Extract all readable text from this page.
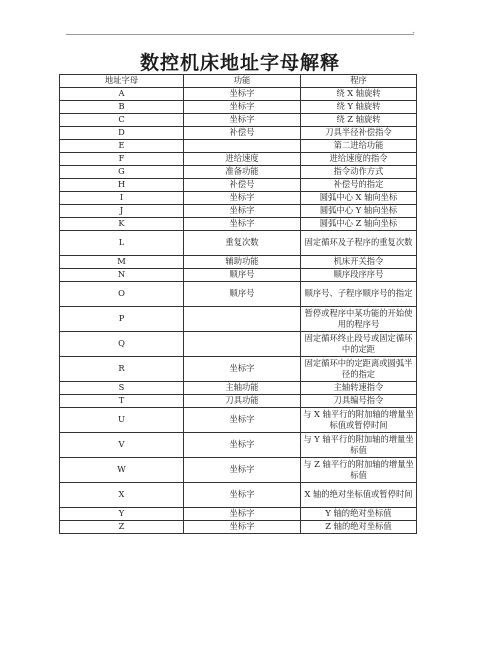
数控机床地址字母解释
地址字母	功能	程序
A	坐标字	绕 X 轴旋转
B	坐标字	绕 Y 轴旋转
C	坐标字	绕 Z 轴旋转
D	补偿号	刀具半径补偿指令
E		第二进给功能
F	进给速度	进给速度的指令
G	准备功能	指令动作方式
H	补偿号	补偿号的指定
I	坐标字	圆弧中心 X 轴向坐标
J	坐标字	圆弧中心 Y 轴向坐标
K	坐标字	圆弧中心 Z 轴向坐标
L	重复次数	固定循环及子程序的重复次数
M	辅助功能	机床开关指令
N	顺序号	顺序段序序号
O	顺序号	顺序号、子程序顺序号的指定
P		暂停或程序中某功能的开始使用的程序号
Q		固定循环终止段号或固定循环中的定距
R	坐标字	固定循环中的定距离或圆弧半径的指定
S	主轴功能	主轴转速指令
T	刀具功能	刀具编号指令
U	坐标字	与 X 轴平行的附加轴的增量坐标值或暂停时间
V	坐标字	与 Y 轴平行的附加轴的增量坐标值
W	坐标字	与 Z 轴平行的附加轴的增量坐标值
X	坐标字	X 轴的绝对坐标值或暂停时间
Y	坐标字	Y 轴的绝对坐标值
Z	坐标字	Z 轴的绝对坐标值
